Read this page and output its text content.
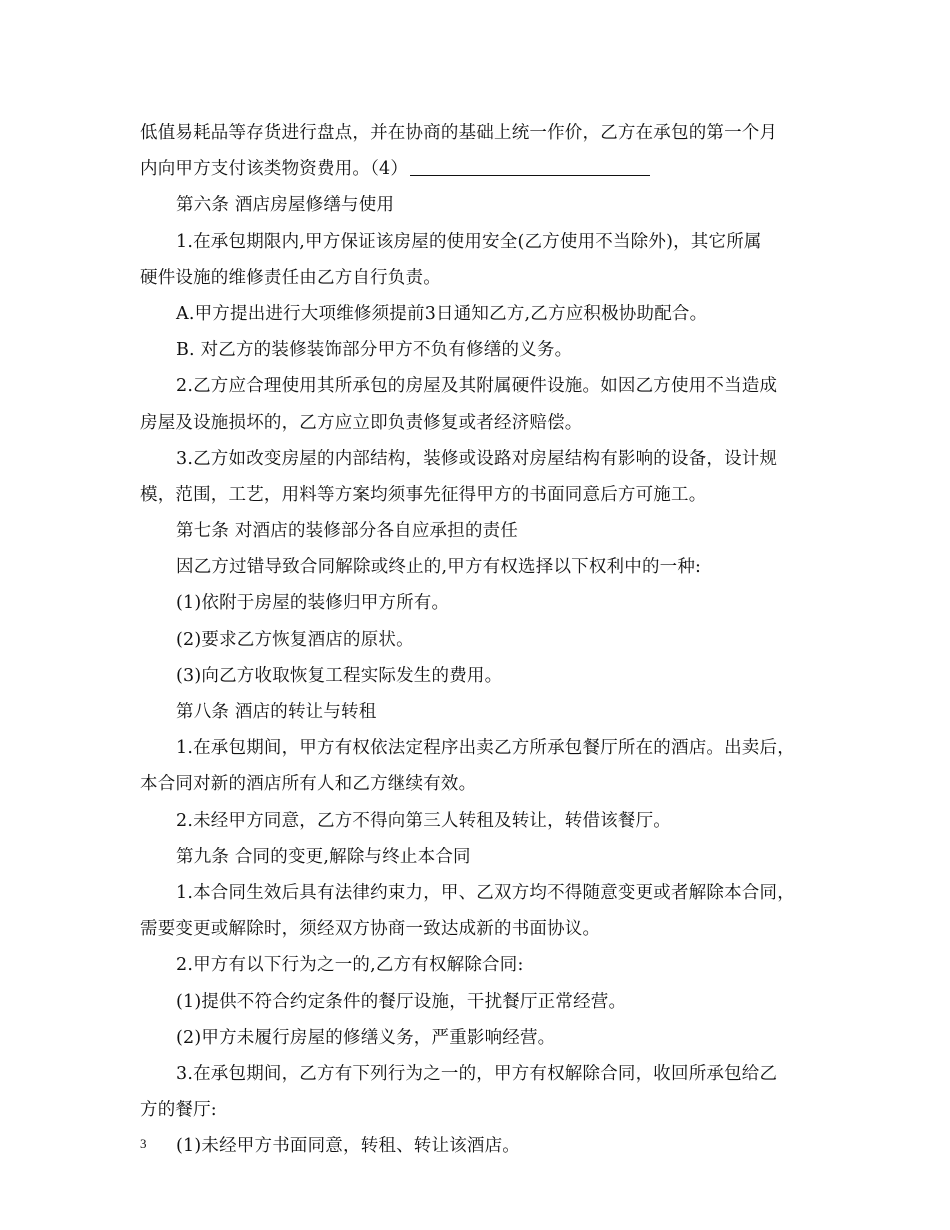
低值易耗品等存货进行盘点，并在协商的基础上统一作价，乙方在承包的第一个月
内向甲方支付该类物资费用。（4）
第六条 酒店房屋修缮与使用
1.在承包期限内,甲方保证该房屋的使用安全(乙方使用不当除外)，其它所属
硬件设施的维修责任由乙方自行负责。
A.甲方提出进行大项维修须提前3日通知乙方,乙方应积极协助配合。
B. 对乙方的装修装饰部分甲方不负有修缮的义务。
2.乙方应合理使用其所承包的房屋及其附属硬件设施。如因乙方使用不当造成
房屋及设施损坏的，乙方应立即负责修复或者经济赔偿。
3.乙方如改变房屋的内部结构，装修或设路对房屋结构有影响的设备，设计规
模，范围，工艺，用料等方案均须事先征得甲方的书面同意后方可施工。
第七条 对酒店的装修部分各自应承担的责任
因乙方过错导致合同解除或终止的,甲方有权选择以下权利中的一种:
(1)依附于房屋的装修归甲方所有。
(2)要求乙方恢复酒店的原状。
(3)向乙方收取恢复工程实际发生的费用。
第八条 酒店的转让与转租
1.在承包期间，甲方有权依法定程序出卖乙方所承包餐厅所在的酒店。出卖后，
本合同对新的酒店所有人和乙方继续有效。
2.未经甲方同意，乙方不得向第三人转租及转让，转借该餐厅。
第九条 合同的变更,解除与终止本合同
1.本合同生效后具有法律约束力，甲、乙双方均不得随意变更或者解除本合同，
需要变更或解除时，须经双方协商一致达成新的书面协议。
2.甲方有以下行为之一的,乙方有权解除合同:
(1)提供不符合约定条件的餐厅设施，干扰餐厅正常经营。
(2)甲方未履行房屋的修缮义务，严重影响经营。
3.在承包期间，乙方有下列行为之一的，甲方有权解除合同，收回所承包给乙
方的餐厅:
(1)未经甲方书面同意，转租、转让该酒店。
3
